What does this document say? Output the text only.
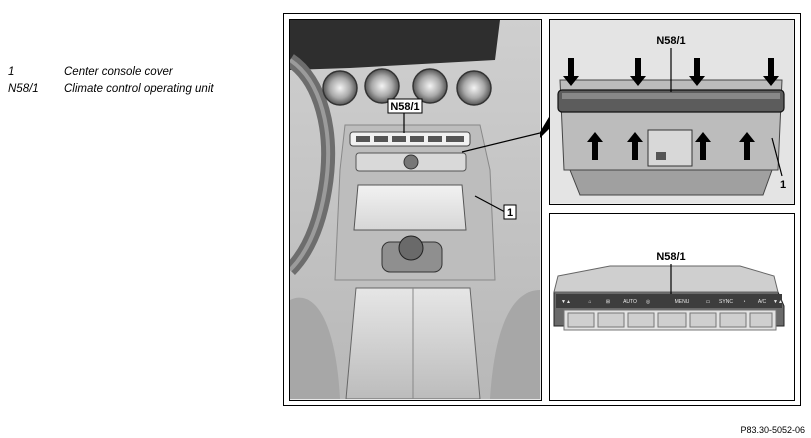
1	Center console cover
N58/1	Climate control operating unit
N58/1
1
N58/1
1
▼▲	⌂	⊞	AUTO ◎	MENU	▭ SYNC ◔ A/C ▼▲
N58/1
P83.30-5052-06
